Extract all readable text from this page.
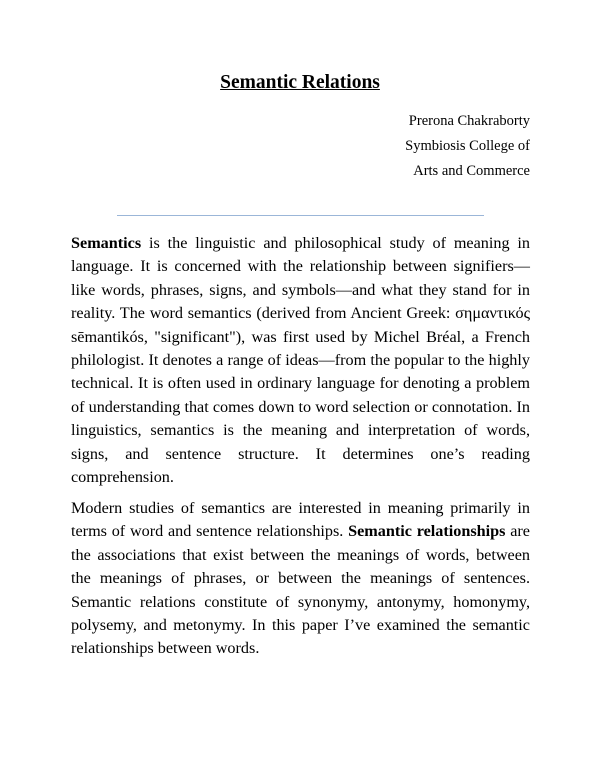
Semantic Relations
Prerona Chakraborty
Symbiosis College of
Arts and Commerce

Semantics is the linguistic and philosophical study of meaning in language. It is concerned with the relationship between signifiers—like words, phrases, signs, and symbols—and what they stand for in reality. The word semantics (derived from Ancient Greek: σημαντικός sēmantikós, "significant"), was first used by Michel Bréal, a French philologist. It denotes a range of ideas—from the popular to the highly technical. It is often used in ordinary language for denoting a problem of understanding that comes down to word selection or connotation. In linguistics, semantics is the meaning and interpretation of words, signs, and sentence structure. It determines one’s reading comprehension.

Modern studies of semantics are interested in meaning primarily in terms of word and sentence relationships. Semantic relationships are the associations that exist between the meanings of words, between the meanings of phrases, or between the meanings of sentences. Semantic relations constitute of synonymy, antonymy, homonymy, polysemy, and metonymy. In this paper I’ve examined the semantic relationships between words.
